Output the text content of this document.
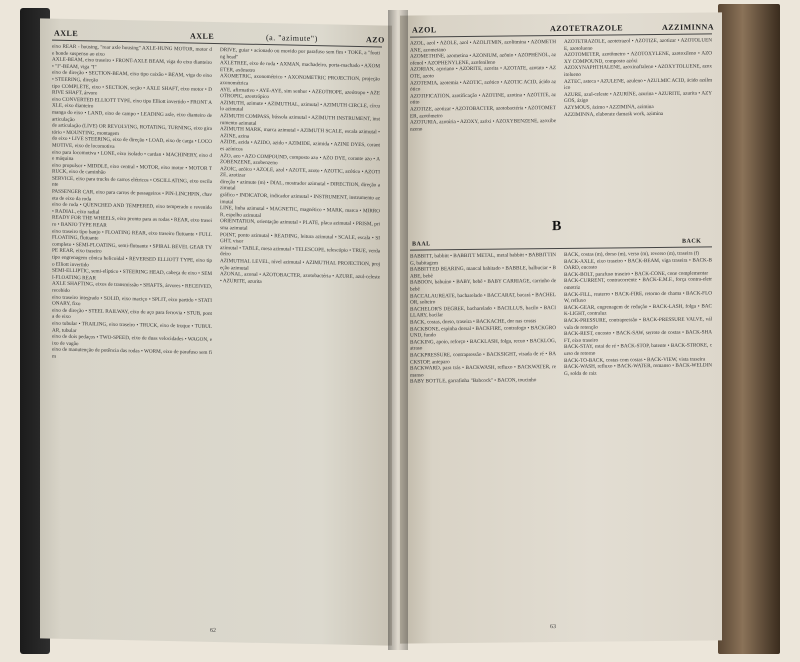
AXLE	AXLE	(a. "azimute")	AZO

eixo REAR - housing, "rear axle housing" AXLE-HUNG MOTOR, motor de bonde suspenso ao eixo

AXLE-BEAM, eixo traseiro • FRONT-AXLE BEAM, viga do eixo dianteiro • "I"-BEAM, viga "I"

eixo de direção • SECTION-BEAM, eixo tipo caixão • BEAM, viga do eixo • STEERING, direção

tipo COMPLETE, eixo • SECTION, seção • AXLE SHAFT, eixo motor • DRIVE SHAFT, árvore

eixo CONVERTED ELLIOTT TYPE, eixo tipo Elliott invertido • FRONT AXLE, eixo dianteiro

manga do eixo • LAND, eixo de campo • LEADING axle, eixo dianteiro de articulação

de articulação (LIVE) OR REVOLVING, ROTATING, TURNING, eixo giratório • MOUNTING, montagem

do eixo • LIVE STEERING, eixo de direção • LOAD, eixo de carga • LOCOMOTIVE, eixo de locomotiva

eixo para locomotiva • LONE, eixo isolado • cardan • MACHINERY, eixo de máquina

eixo propulsor • MIDDLE, eixo central • MOTOR, eixo motor • MOTOR TRUCK, eixo de caminhão

SERVICE, eixo para trucks de carros elétricos • OSCILLATING, eixo oscilante

PASSENGER CAR, eixo para carros de passageiros • PIN-LINCHPIN, chaveta de eixo da roda

eixo de roda • QUENCHED AND TEMPERED, eixo temperado e revenido • RADIAL, eixo radial

READY FOR THE WHEELS, eixo pronto para as rodas • REAR, eixo traseiro • BANJO TYPE REAR

eixo traseiro tipo banjo • FLOATING REAR, eixo traseiro flutuante • FULL FLOATING, flutuante

completo • SEMI-FLOATING, semi-flutuante • SPIRAL BEVEL GEAR TYPE REAR, eixo traseiro

tipo engrenagem cônica helicoidal • REVERSED ELLIOTT TYPE, eixo tipo Elliott invertido

SEMI-ELLIPTIC, semi-elíptico • STEERING HEAD, cabeça de eixo • SEMI-FLOATING REAR

AXLE SHAFTING, eixos de transmissão • SHAFTS, árvores • RECEIVED, recebido

eixo traseiro integrado • SOLID, eixo maciço • SPLIT, eixo partido • STATIONARY, fixo

eixo de direção • STEEL RAILWAY, eixo de aço para ferrovia • STUB, ponta de eixo

eixo tubular • TRAILING, eixo traseiro • TRUCK, eixo de truque • TUBULAR, tubular

eixo de dois pedaços • TWO-SPEED, eixo de duas velocidades • WAGON, eixo de vagão

eixo de manutenção de potência das rodas • WORM, eixo de parafuso sem fim

DRIVE, guiar • acionado ou movido por parafuso sem fim • TOKE, a "footing head"

AXLETREE, eixo de roda • AXMAN, machadeiro, porta-machado • AXOMETER, axômetro

AXOMETRIC, axonométrico • AXONOMETRIC PROJECTION, projeção axonométrica

AYE, afirmativo • AYE-AYE, sim senhor • AZEOTROPE, azeótropo • AZEOTROPIC, azeotrópico

AZIMUTH, azimute • AZIMUTHAL, azimutal • AZIMUTH CIRCLE, círculo azimutal

AZIMUTH COMPASS, bússola azimutal • AZIMUTH INSTRUMENT, instrumento azimutal

AZIMUTH MARK, marca azimutal • AZIMUTH SCALE, escala azimutal • AZINE, azina

AZIDE, azida • AZIDO, azido • AZIMIDE, azimida • AZINE DYES, corantes azínicos

AZO, azo • AZO COMPOUND, composto azo • AZO DYE, corante azo • AZOBENZENE, azobenzeno

AZOIC, azóico • AZOLE, azol • AZOTE, azoto • AZOTIC, azótico • AZOTIZE, azotizar

direção • azimute (m) • DIAL, mostrador azimutal • DIRECTION, direção azimutal

gráfico • INDICATOR, indicador azimutal • INSTRUMENT, instrumento azimutal

LINE, linha azimutal • MAGNETIC, magnético • MARK, marca • MIRROR, espelho azimutal

ORIENTATION, orientação azimutal • PLATE, placa azimutal • PRISM, prisma azimutal

POINT, ponto azimutal • READING, leitura azimutal • SCALE, escala • SIGHT, visor

azimutal • TABLE, mesa azimutal • TELESCOPE, telescópio • TRUE, verdadeiro

AZIMUTHAL LEVEL, nível azimutal • AZIMUTHAL PROJECTION, projeção azimutal

AZONAL, azonal • AZOTOBACTER, azotobactéria • AZURE, azul-celeste • AZURITE, azurita

62
AZOL	AZOTETRAZOLE	AZZIMINNA

AZOL, azol • AZOLE, azol • AZOLITMIN, azolitmina • AZOMETHANE, azometano

AZOMETHINE, azometina • AZONIUM, azônio • AZOPHENOL, azofenol • AZOPHENYLENE, azofenileno

AZORIAN, açoriano • AZORITE, azorita • AZOTATE, azotato • AZOTE, azoto

AZOTEMIA, azotemia • AZOTIC, azótico • AZOTIC ACID, ácido azótico

AZOTIFICATION, azotificação • AZOTINE, azotina • AZOTITE, azotito

AZOTIZE, azotizar • AZOTOBACTER, azotobactéria • AZOTOMETER, azotômetro

AZOTURIA, azotúria • AZOXY, azóxi • AZOXYBENZENE, azoxibenzeno

AZOTETRAZOLE, azotetrazol • AZOTIZE, azotizar • AZOTOLUENE, azotolueno

AZOTOMETER, azotômetro • AZOTOXYLENE, azotoxileno • AZOXY COMPOUND, composto azóxi

AZOXYNAPHTHALENE, azoxinaftaleno • AZOXYTOLUENE, azoxitolueno

AZTEC, asteca • AZULENE, azuleno • AZULMIC ACID, ácido azúlmico

AZURE, azul-celeste • AZURINE, azurina • AZURITE, azurita • AZYGOS, ázigo

AZYMOUS, ázimo • AZZIMINA, azimina

AZZIMINNA, elaborate damask work, azimina

B
BAAL	BACK

BABBITT, babbitt • BABBITT METAL, metal babbitt • BABBITTING, babitagem

BABBITTED BEARING, mancal babitado • BABBLE, balbuciar • BABE, bebê

BABOON, babuíno • BABY, bebê • BABY CARRIAGE, carrinho de bebê

BACCALAUREATE, bacharelado • BACCARAT, bacará • BACHELOR, solteiro

BACHELOR'S DEGREE, bacharelado • BACILLUS, bacilo • BACILLARY, bacilar

BACK, costas, dorso, traseira • BACKACHE, dor nas costas

BACKBONE, espinha dorsal • BACKFIRE, contrafogo • BACKGROUND, fundo

BACKING, apoio, reforço • BACKLASH, folga, recuo • BACKLOG, atraso

BACKPRESSURE, contrapressão • BACKSIGHT, visada de ré • BACKSTOP, anteparo

BACKWARD, para trás • BACKWASH, refluxo • BACKWATER, remanso

BABY BOTTLE, garrafinha "Babcock" • BACON, toucinho

BACK, costas (m), dorso (m), verso (m), reverso (m), traseira (f)

BACK-AXLE, eixo traseiro • BACK-BEAM, viga traseira • BACK-BOARD, encosto

BACK-BOLT, parafuso traseiro • BACK-CONE, cone complementar

BACK-CURRENT, contracorrente • BACK-E.M.F., força contra-eletromotriz

BACK-FILL, reaterro • BACK-FIRE, retorno de chama • BACK-FLOW, refluxo

BACK-GEAR, engrenagem de redução • BACK-LASH, folga • BACK-LIGHT, contraluz

BACK-PRESSURE, contrapressão • BACK-PRESSURE VALVE, válvula de retenção

BACK-REST, encosto • BACK-SAW, serrote de costas • BACK-SHAFT, eixo traseiro

BACK-STAY, estai de ré • BACK-STOP, batente • BACK-STROKE, curso de retorno

BACK-TO-BACK, costas com costas • BACK-VIEW, vista traseira

BACK-WASH, refluxo • BACK-WATER, remanso • BACK-WELDING, solda de raiz

63
